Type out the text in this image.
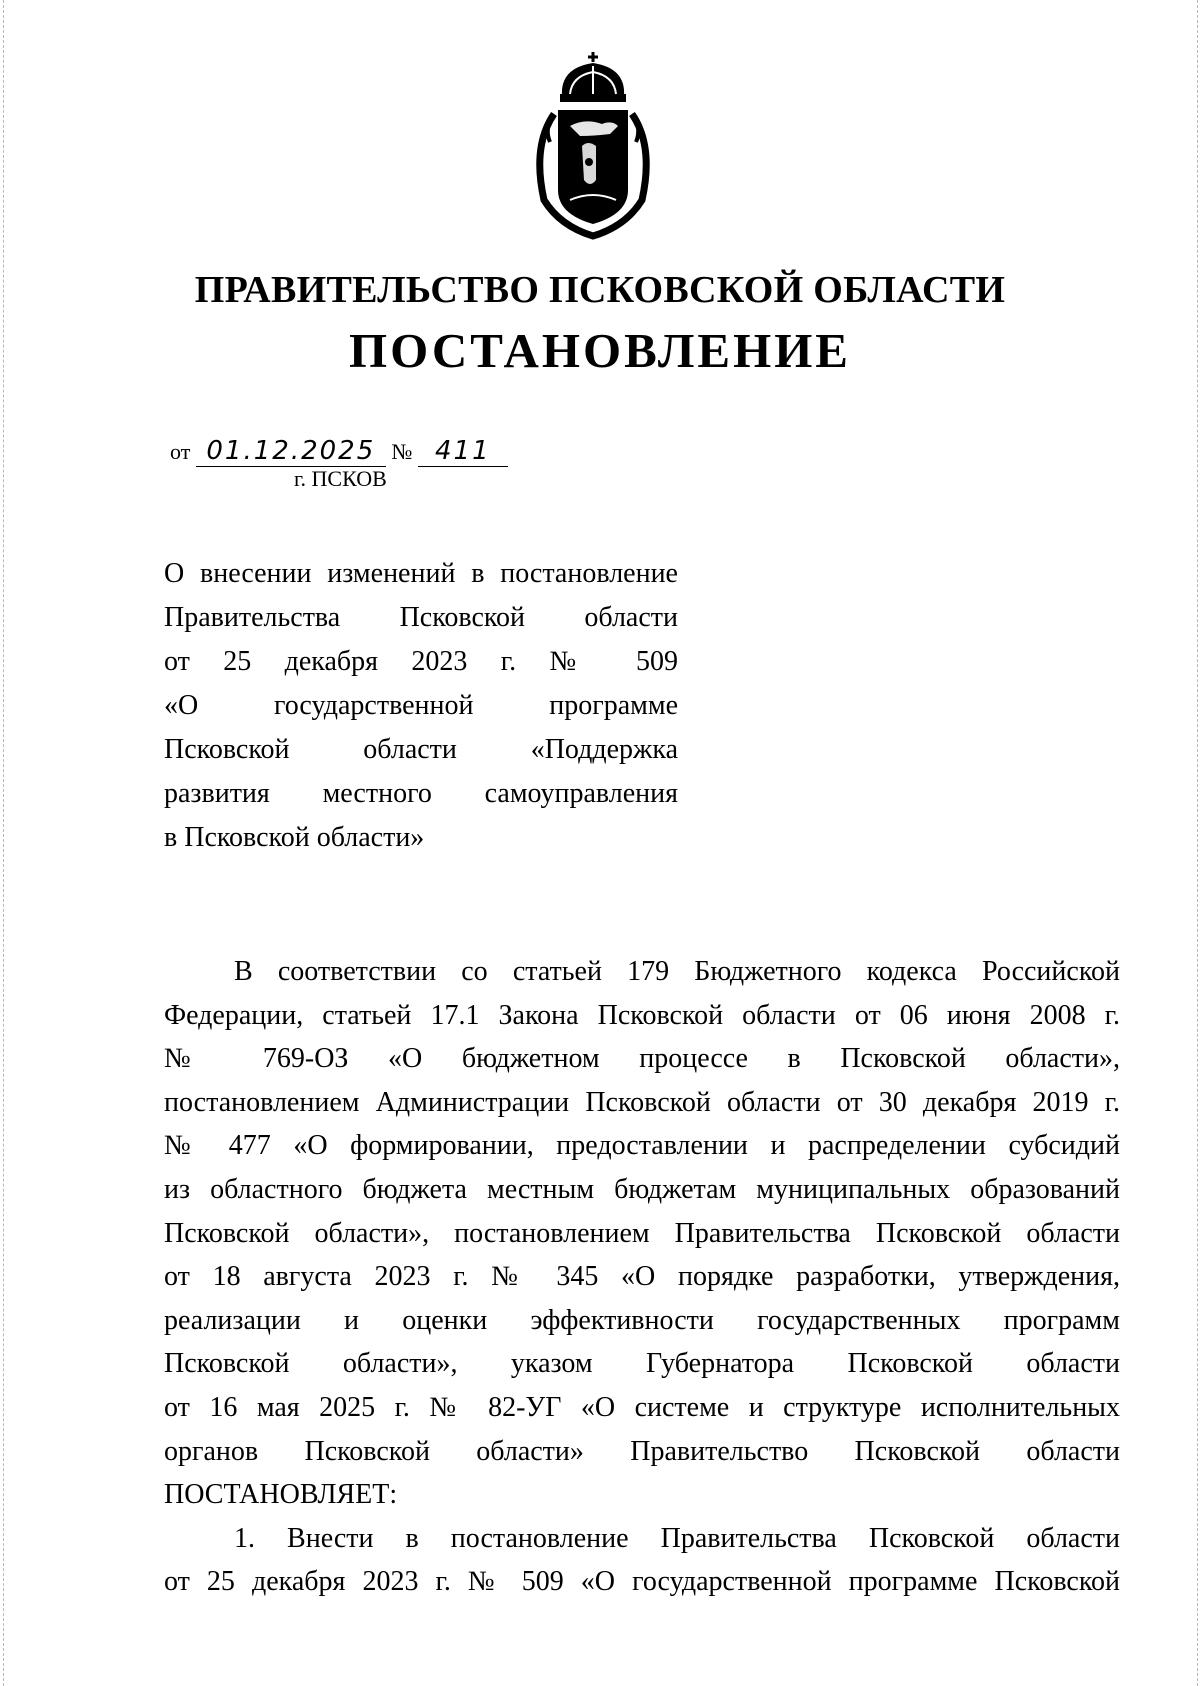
ПРАВИТЕЛЬСТВО ПСКОВСКОЙ ОБЛАСТИ
ПОСТАНОВЛЕНИЕ
от 01.12.2025 № 411
г. ПСКОВ
О внесении изменений в постановление
Правительства Псковской области
от 25 декабря 2023 г. № 509
«О государственной программе
Псковской области «Поддержка
развития местного самоуправления
в Псковской области»
В соответствии со статьей 179 Бюджетного кодекса Российской
Федерации, статьей 17.1 Закона Псковской области от 06 июня 2008 г.
№ 769-ОЗ «О бюджетном процессе в Псковской области»,
постановлением Администрации Псковской области от 30 декабря 2019 г.
№ 477 «О формировании, предоставлении и распределении субсидий
из областного бюджета местным бюджетам муниципальных образований
Псковской области», постановлением Правительства Псковской области
от 18 августа 2023 г. № 345 «О порядке разработки, утверждения,
реализации и оценки эффективности государственных программ
Псковской области», указом Губернатора Псковской области
от 16 мая 2025 г. № 82-УГ «О системе и структуре исполнительных
органов Псковской области» Правительство Псковской области
ПОСТАНОВЛЯЕТ:
1. Внести в постановление Правительства Псковской области
от 25 декабря 2023 г. № 509 «О государственной программе Псковской
